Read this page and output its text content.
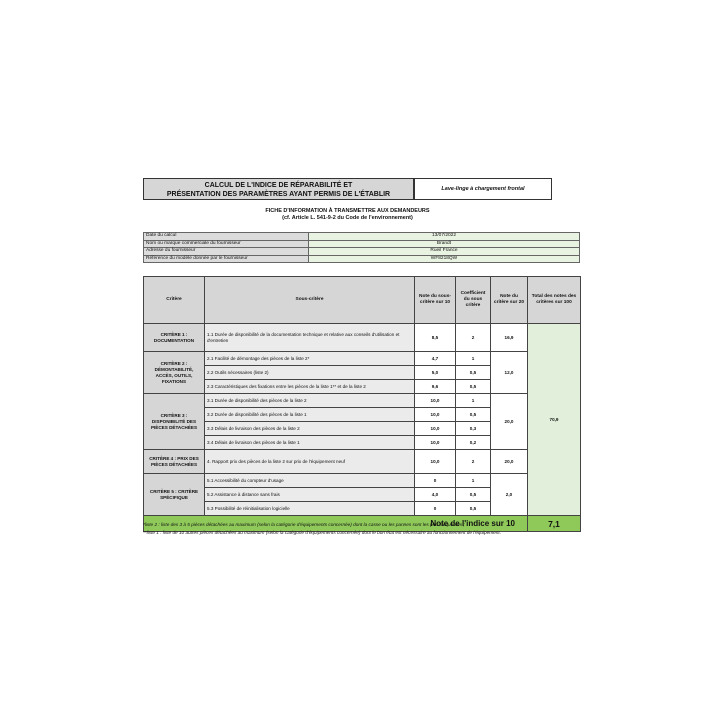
CALCUL DE L'INDICE DE RÉPARABILITÉ ET
PRÉSENTATION DES PARAMÈTRES AYANT PERMIS DE L'ÉTABLIR
Lave-linge à chargement frontal
FICHE D'INFORMATION À TRANSMETTRE AUX DEMANDEURS
(cf. Article L. 541-9-2 du Code de l'environnement)
Date du calcul	13/07/2022
Nom ou marque commerciale du fournisseur	Brandt
Adresse du fournisseur	Rueil France
Référence du modèle donnée par le fournisseur	WF8218QW
Critère	Sous-critère	Note du sous-critère sur 10	Coefficient du sous critère	Note du critère sur 20	Total des notes des critères sur 100
CRITÈRE 1 : DOCUMENTATION	1.1 Durée de disponibilité de la documentation technique et relative aux conseils d'utilisation et d'entretien	8,5	2	16,9	70,9
CRITÈRE 2 : DÉMONTABILITÉ, ACCÈS, OUTILS, FIXATIONS	2.1 Facilité de démontage des pièces de la liste 2*	4,7	1	12,0	
	2.2 Outils nécessaires (liste 2)	5,0	0,5		
	2.3 Caractéristiques des fixations entre les pièces de la liste 1** et de la liste 2	9,6	0,5		
CRITÈRE 3 : DISPONIBILITÉ DES PIÈCES DÉTACHÉES	3.1 Durée de disponibilité des pièces de la liste 2	10,0	1	20,0	
	3.2 Durée de disponibilité des pièces de la liste 1	10,0	0,5		
	3.3 Délais de livraison des pièces de la liste 2	10,0	0,3		
	3.4 Délais de livraison des pièces de la liste 1	10,0	0,2		
CRITÈRE 4 : PRIX DES PIÈCES DÉTACHÉES	4. Rapport prix des pièces de la liste 2 sur prix de l'équipement neuf	10,0	2	20,0	
CRITÈRE 5 : CRITÈRE SPÉCIFIQUE	5.1 Accessibilité du compteur d'usage	0	1	2,0	
	5.2 Assistance à distance sans frais	4,0	0,5		
	5.3 Possibilité de réinitialisation logicielle	0	0,5		
Note de l'indice sur 10					7,1
*liste 2 : liste des 3 à 5 pièces détachées au maximum (selon la catégorie d'équipements concernée) dont la casse ou les pannes sont les plus fréquentes ;
**liste 1 : liste de 10 autres pièces détachées au maximum (selon la catégorie d'équipements concernée) dont le bon état est nécessaire au fonctionnement de l'équipement.
